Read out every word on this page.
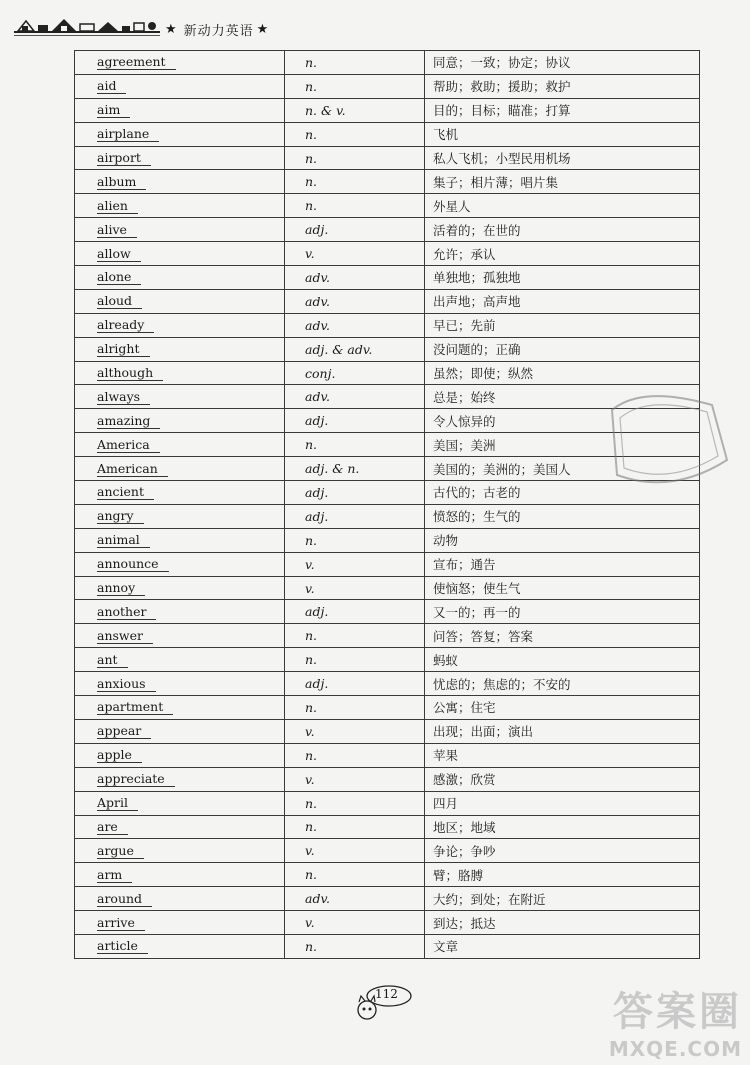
★ 新动力英语 ★
agreement	n.	同意；一致；协定；协议
aid	n.	帮助；救助；援助；救护
aim	n. & v.	目的；目标；瞄准；打算
airplane	n.	飞机
airport	n.	私人飞机；小型民用机场
album	n.	集子；相片薄；唱片集
alien	n.	外星人
alive	adj.	活着的；在世的
allow	v.	允许；承认
alone	adv.	单独地；孤独地
aloud	adv.	出声地；高声地
already	adv.	早已；先前
alright	adj. & adv.	没问题的；正确
although	conj.	虽然；即使；纵然
always	adv.	总是；始终
amazing	adj.	令人惊异的
America	n.	美国；美洲
American	adj. & n.	美国的；美洲的；美国人
ancient	adj.	古代的；古老的
angry	adj.	愤怒的；生气的
animal	n.	动物
announce	v.	宣布；通告
annoy	v.	使恼怒；使生气
another	adj.	又一的；再一的
answer	n.	问答；答复；答案
ant	n.	蚂蚁
anxious	adj.	忧虑的；焦虑的；不安的
apartment	n.	公寓；住宅
appear	v.	出现；出面；演出
apple	n.	苹果
appreciate	v.	感激；欣赏
April	n.	四月
are	n.	地区；地域
argue	v.	争论；争吵
arm	n.	臂；胳膊
around	adv.	大约；到处；在附近
arrive	v.	到达；抵达
article	n.	文章
112	答案圈
MXQE.COM
